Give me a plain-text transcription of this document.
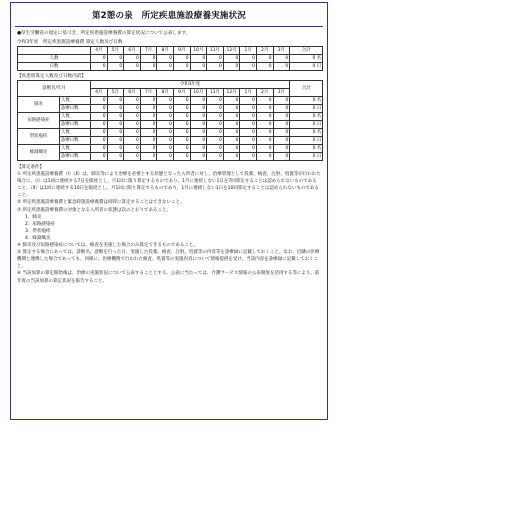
第2憩の泉　所定疾患施設療養実施状況
●厚生労働省の規定に基づき、所定疾患施設療養費の算定状況について公表します。
令和3年度　所定疾患施設療養費 算定人数及び日数
	4月	5月	6月	7月	8月	9月	10月	11月	12月	1月	2月	3月	合計
人数	0	0	0	0	0	0	0	0	0	0	0	0	0 名
日数	0	0	0	0	0	0	0	0	0	0	0	0	0 日
【疾患別算定人数及び日数内訳】
診断名/年月		令和3年度												合計
		4月	5月	6月	7月	8月	9月	10月	11月	12月	1月	2月	3月	
肺炎	人数	0	0	0	0	0	0	0	0	0	0	0	0	0 名
	診療日数	0	0	0	0	0	0	0	0	0	0	0	0	0 日
尿路感染症	人数	0	0	0	0	0	0	0	0	0	0	0	0	0 名
	診療日数	0	0	0	0	0	0	0	0	0	0	0	0	0 日
帯状疱疹	人数	0	0	0	0	0	0	0	0	0	0	0	0	0 名
	診療日数	0	0	0	0	0	0	0	0	0	0	0	0	0 日
蜂窩織炎	人数	0	0	0	0	0	0	0	0	0	0	0	0	0 名
	診療日数	0	0	0	0	0	0	0	0	0	0	0	0	0 日

【算定条件】

① 所定疾患施設療養費（Ⅰ）（Ⅱ）は、肺炎等により治療を必要とする状態となった入所者に対し、治療管理として投薬、検査、注射、処置等が行われた場合に、（Ⅰ）は1回に連続する7日を限度とし、月1回に限り算定するものであり、1月に連続しない1日を7回算定することは認められないものであること。（Ⅱ）は1回に連続する10日を限度とし、月1回に限り算定するものであり、1月に連続しない1日を10回算定することは認められないものであること。

② 所定疾患施設療養費と緊急時施設療養費は同時に算定することはできないこと。

③ 所定疾患施設療養費の対象となる入所者の状態は次のとおりであること。

1．肺炎

2．尿路感染症

3．帯状疱疹

4．蜂窩織炎

④ 肺炎及び尿路感染症については、検査を実施した場合のみ算定できるものであること。

⑤ 算定する場合にあっては、診断名、診断を行った日、実施した投薬、検査、注射、処置等の内容等を診療録に記載しておくこと。なお、近隣の医療機関と連携した場合であっても、同様に、医療機関で行われた検査、処置等の実施内容について情報提供を受け、当該内容を診療録に記載しておくこと。

⑥ 当該加算の算定開始後は、治療の実施状況について公表することとする。公表に当たっては、介護サービス情報の公表制度を活用する等により、前年度の当該加算の算定状況を報告すること。
